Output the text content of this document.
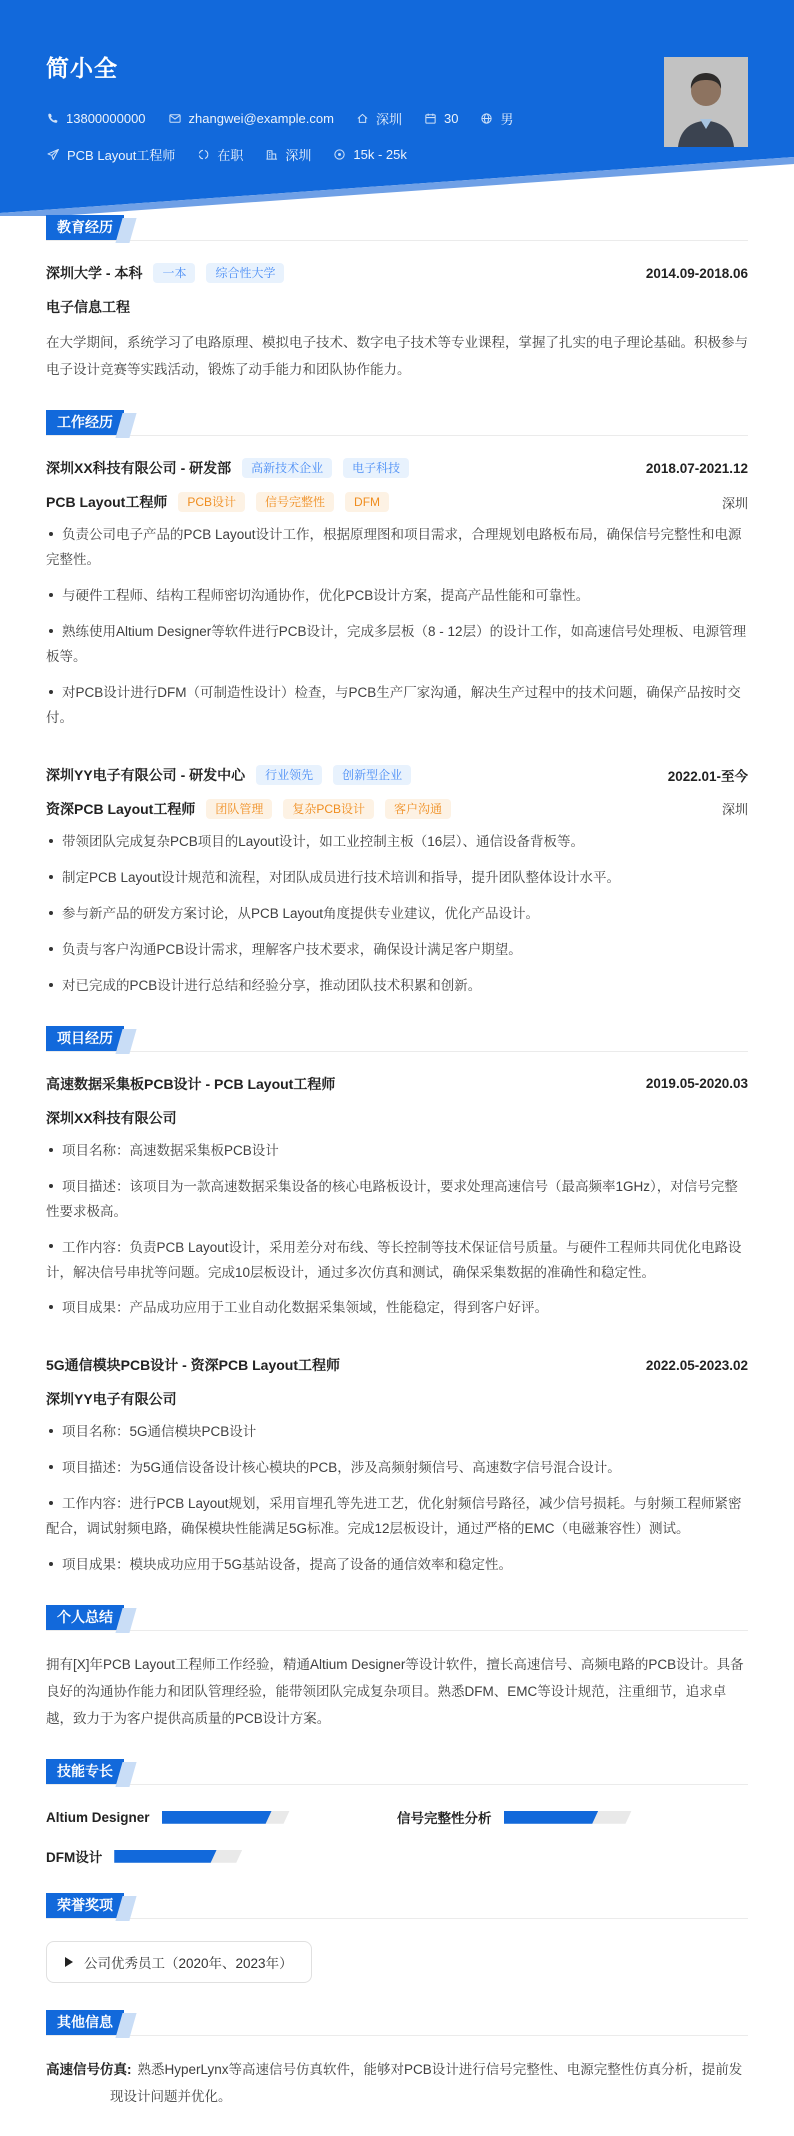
简小全
13800000000	zhangwei@example.com	深圳	30	男
PCB Layout工程师	在职	深圳	15k - 25k
教育经历
深圳大学 - 本科	一本	综合性大学	2014.09-2018.06
电子信息工程

在大学期间，系统学习了电路原理、模拟电子技术、数字电子技术等专业课程，掌握了扎实的电子理论基础。积极参与电子设计竞赛等实践活动，锻炼了动手能力和团队协作能力。

工作经历
深圳XX科技有限公司 - 研发部	高新技术企业	电子科技	2018.07-2021.12
PCB Layout工程师	PCB设计	信号完整性	DFM	深圳
负责公司电子产品的PCB Layout设计工作，根据原理图和项目需求，合理规划电路板布局，确保信号完整性和电源完整性。
与硬件工程师、结构工程师密切沟通协作，优化PCB设计方案，提高产品性能和可靠性。
熟练使用Altium Designer等软件进行PCB设计，完成多层板（8 - 12层）的设计工作，如高速信号处理板、电源管理板等。
对PCB设计进行DFM（可制造性设计）检查，与PCB生产厂家沟通，解决生产过程中的技术问题，确保产品按时交付。
深圳YY电子有限公司 - 研发中心	行业领先	创新型企业	2022.01-至今
资深PCB Layout工程师	团队管理	复杂PCB设计	客户沟通	深圳
带领团队完成复杂PCB项目的Layout设计，如工业控制主板（16层）、通信设备背板等。
制定PCB Layout设计规范和流程，对团队成员进行技术培训和指导，提升团队整体设计水平。
参与新产品的研发方案讨论，从PCB Layout角度提供专业建议，优化产品设计。
负责与客户沟通PCB设计需求，理解客户技术要求，确保设计满足客户期望。
对已完成的PCB设计进行总结和经验分享，推动团队技术积累和创新。
项目经历
高速数据采集板PCB设计 - PCB Layout工程师	2019.05-2020.03
深圳XX科技有限公司
项目名称：高速数据采集板PCB设计
项目描述：该项目为一款高速数据采集设备的核心电路板设计，要求处理高速信号（最高频率1GHz），对信号完整性要求极高。
工作内容：负责PCB Layout设计，采用差分对布线、等长控制等技术保证信号质量。与硬件工程师共同优化电路设计，解决信号串扰等问题。完成10层板设计，通过多次仿真和测试，确保采集数据的准确性和稳定性。
项目成果：产品成功应用于工业自动化数据采集领域，性能稳定，得到客户好评。
5G通信模块PCB设计 - 资深PCB Layout工程师	2022.05-2023.02
深圳YY电子有限公司
项目名称：5G通信模块PCB设计
项目描述：为5G通信设备设计核心模块的PCB，涉及高频射频信号、高速数字信号混合设计。
工作内容：进行PCB Layout规划，采用盲埋孔等先进工艺，优化射频信号路径，减少信号损耗。与射频工程师紧密配合，调试射频电路，确保模块性能满足5G标准。完成12层板设计，通过严格的EMC（电磁兼容性）测试。
项目成果：模块成功应用于5G基站设备，提高了设备的通信效率和稳定性。
个人总结

拥有[X]年PCB Layout工程师工作经验，精通Altium Designer等设计软件，擅长高速信号、高频电路的PCB设计。具备良好的沟通协作能力和团队管理经验，能带领团队完成复杂项目。熟悉DFM、EMC等设计规范，注重细节，追求卓越，致力于为客户提供高质量的PCB设计方案。

技能专长
Altium Designer	信号完整性分析
DFM设计
荣誉奖项
公司优秀员工（2020年、2023年）
其他信息

高速信号仿真: 熟悉HyperLynx等高速信号仿真软件，能够对PCB设计进行信号完整性、电源完整性仿真分析，提前发现设计问题并优化。
